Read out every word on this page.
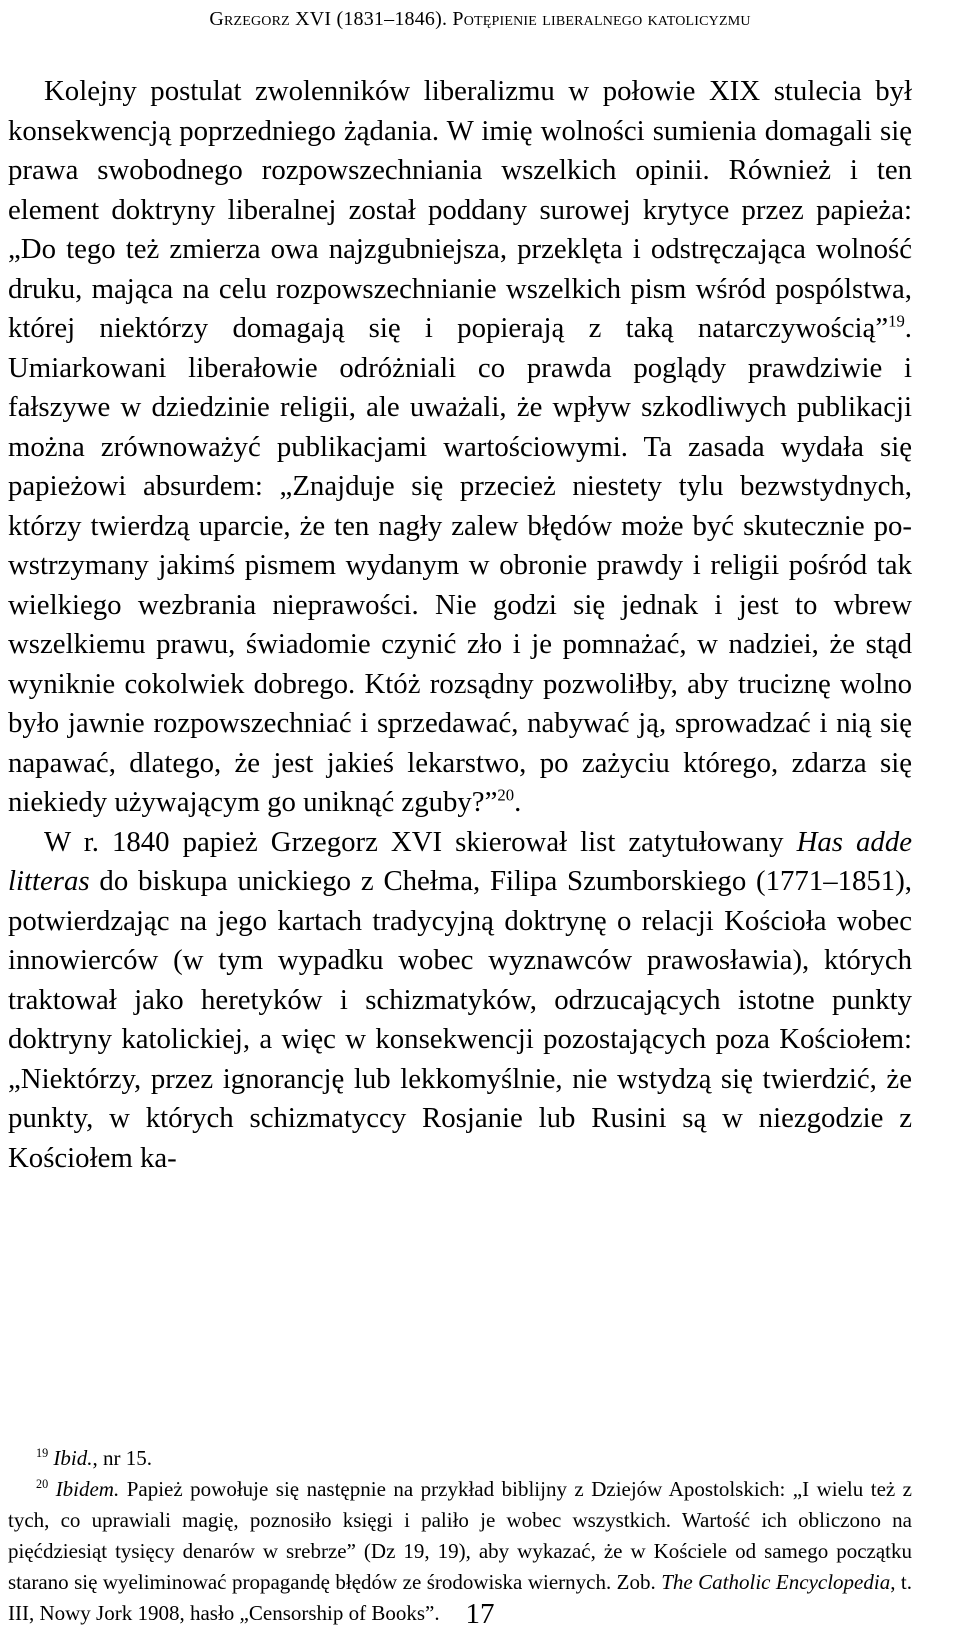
Grzegorz XVI (1831–1846). Potępienie liberalnego katolicyzmu

Kolejny postulat zwolenników liberalizmu w połowie XIX stulecia był konsekwencją poprzedniego żądania. W imię wolności sumienia domagali się prawa swobodnego rozpowszechniania wszelkich opinii. Również i ten element doktryny liberalnej został poddany surowej krytyce przez papieża: „Do tego też zmierza owa najzgubniejsza, przeklęta i odstręczająca wolność druku, mająca na celu rozpowszechnianie wszelkich pism wśród pospólstwa, której niektórzy domagają się i popierają z taką natarczywością”$^{19}$. Umiarkowani liberałowie odróżniali co prawda poglądy prawdziwie i fałszywe w dziedzinie religii, ale uważali, że wpływ szkodliwych publikacji można zrównoważyć publikacjami wartościowymi. Ta zasada wydała się papieżowi absurdem: „Znajduje się przecież niestety tylu bezwstydnych, którzy twierdzą uparcie, że ten nagły zalew błędów może być skutecznie powstrzymany jakimś pismem wydanym w obronie prawdy i religii pośród tak wielkiego wezbrania nieprawości. Nie godzi się jednak i jest to wbrew wszelkiemu prawu, świadomie czynić zło i je pomnażać, w nadziei, że stąd wyniknie cokolwiek dobrego. Któż rozsądny pozwoliłby, aby truciznę wolno było jawnie rozpowszechniać i sprzedawać, nabywać ją, sprowadzać i nią się napawać, dlatego, że jest jakieś lekarstwo, po zażyciu którego, zdarza się niekiedy używającym go uniknąć zguby?”$^{20}$.

W r. 1840 papież Grzegorz XVI skierował list zatytułowany Has adde litteras do biskupa unickiego z Chełma, Filipa Szumborskiego (1771–1851), potwierdzając na jego kartach tradycyjną doktrynę o relacji Kościoła wobec innowierców (w tym wypadku wobec wyznawców prawosławia), których traktował jako heretyków i schizmatyków, odrzucających istotne punkty doktryny katolickiej, a więc w konsekwencji pozostających poza Kościołem: „Niektórzy, przez ignorancję lub lekkomyślnie, nie wstydzą się twierdzić, że punkty, w których schizmatyccy Rosjanie lub Rusini są w niezgodzie z Kościołem ka-

$^{19}$ Ibid., nr 15.

$^{20}$ Ibidem. Papież powołuje się następnie na przykład biblijny z Dziejów Apostolskich: „I wielu też z tych, co uprawiali magię, poznosiło księgi i paliło je wobec wszystkich. Wartość ich obliczono na pięćdziesiąt tysięcy denarów w srebrze” (Dz 19, 19), aby wykazać, że w Kościele od samego początku starano się wyeliminować propagandę błędów ze środowiska wiernych. Zob. The Catholic Encyclopedia, t. III, Nowy Jork 1908, hasło „Censorship of Books”. 17
